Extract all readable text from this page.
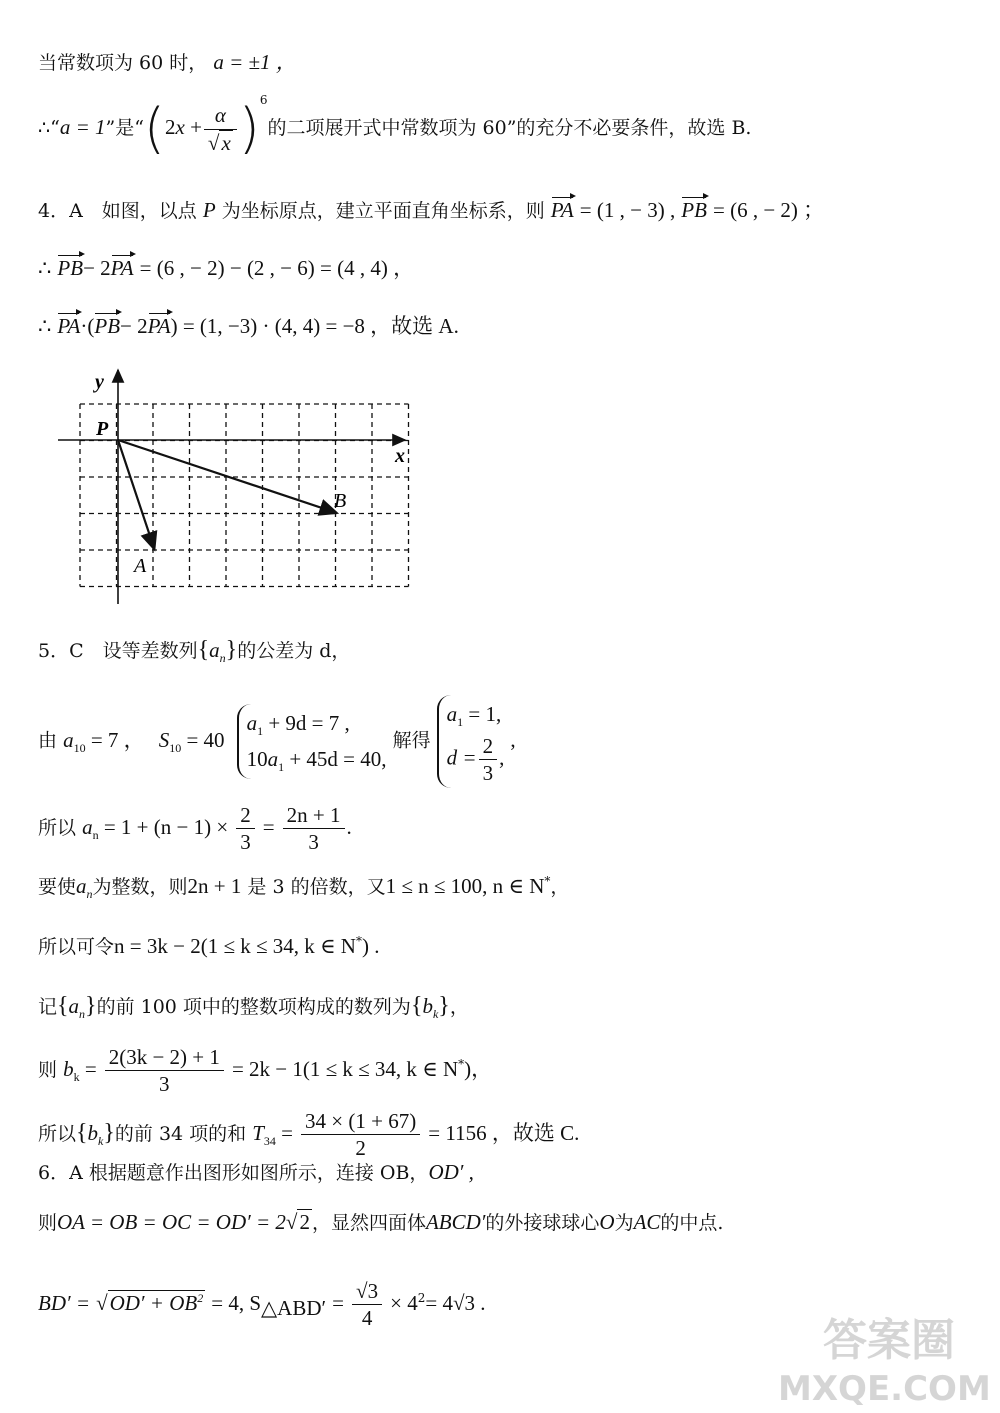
当常数项为 60 时， a = ±1 ，
∴“a = 1”是“$(2x + \frac{\alpha}{√x} )^6$的二项展开式中常数项为 60”的充分不必要条件，故选 B.
4．A　如图，以点 P 为坐标原点，建立平面直角坐标系，则 PA = (1 , − 3) , PB = (6 , − 2) ；
∴ PB− 2PA = (6 , − 2) − (2 , − 6) = (4 , 4) ，
∴ PA·(PB− 2PA) = (1, −3) · (4, 4) = −8 ，故选 A.
y
x
P
A
B
5．C　设等差数列$\{a_n\}$的公差为 d，
由 $a_{10} = 7$ ， $S_{10} = 40$
$a_1 + 9d = 7$ ,
$10a_1 + 45d = 40$,
解得
$a_1 = 1$,
$d = \frac{2}{3}$ ,
,
所以 $a_n = 1 + (n - 1) \times \frac{2}{3} = \frac{2n + 1}{3}$ .
要使$a_n$为整数，则2n + 1 是 3 的倍数，又1 ≤ n ≤ 100, n ∈ N*，
所以可令n = 3k − 2(1 ≤ k ≤ 34, k ∈ N*) .
记$\{a_n\}$的前 100 项中的整数项构成的数列为$\{b_k\}$，
则 $b_k = \frac{2(3k - 2) + 1}{3} = 2k - 1(1 \le k \le 34$, k ∈ N*)，
所以$\{b_k\}$的前 34 项的和 $T_{34} = \frac{34 \times (1 + 67)}{2} = 1156$ ，故选 C.
6．A 根据题意作出图形如图所示，连接 OB，OD′ ,
则OA = OB = OC = OD′ = 2√2 ，显然四面体ABCD′的外接球球心O为AC的中点.
$BD' = √OD' + OB^2 = 4$, $S_{\triangle ABD'} = \frac{√3}{4} \times 4^2= 4√3$ .
答案圈
MXQE.COM
